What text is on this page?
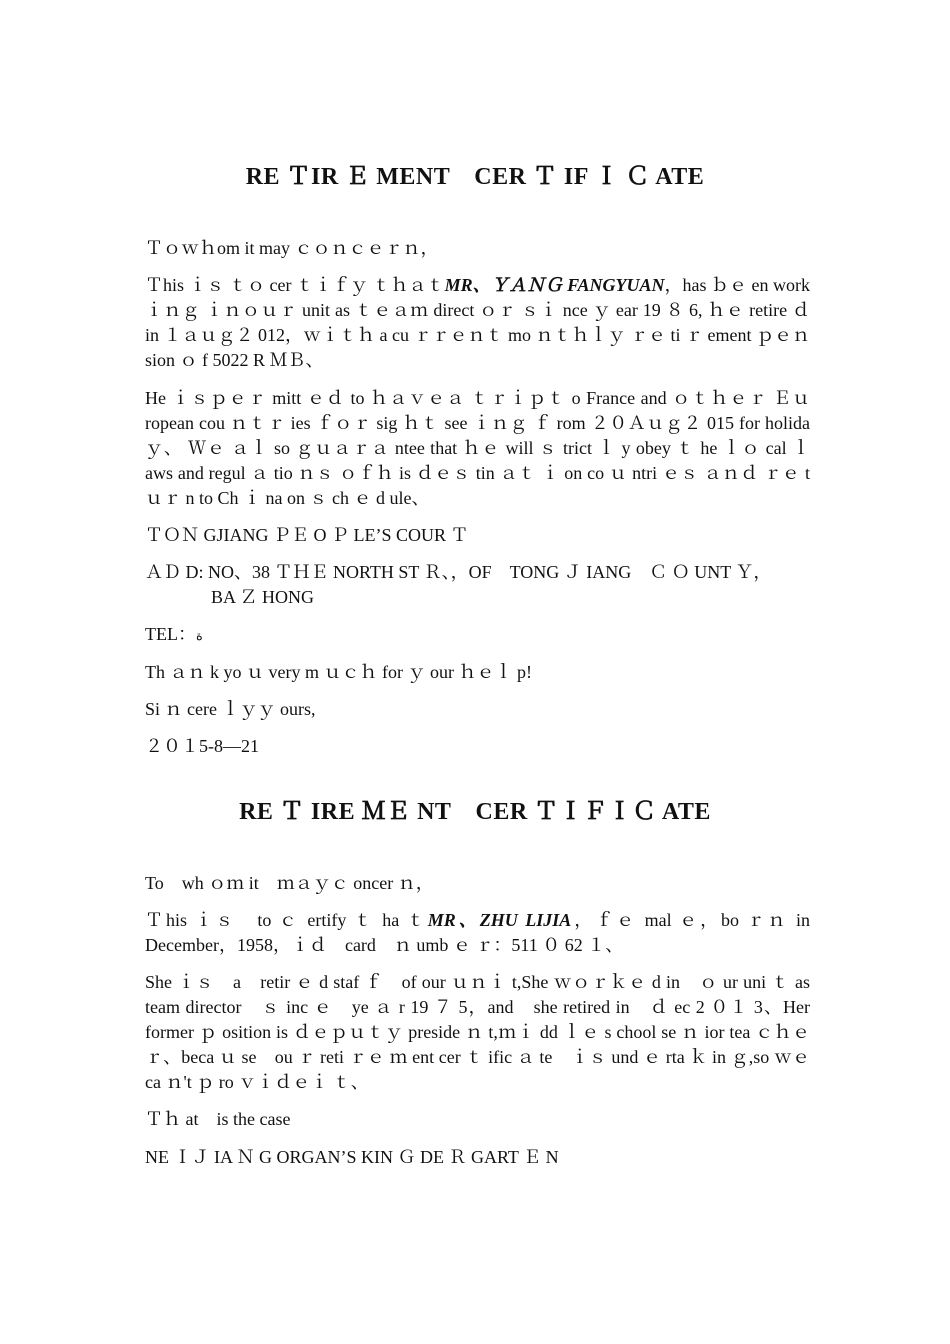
RE ＴIR Ｅ MENT　CER Ｔ IF Ｉ Ｃ ATE
Ｔｏｗｈom it may ｃｏｎｃｅｒｎ，
Ｔhis ｉｓ ｔｏ cer ｔｉｆｙ ｔｈａｔMR、ＹＡＮＧ FANGYUAN，has ｂｅ en work ｉｎｇ ｉｎｏｕｒ unit as ｔｅａｍ direct ｏｒ ｓｉ nce ｙ ear 19 ８ 6, ｈｅ retire ｄ in １ａｕｇ２ 012，ｗｉｔｈ a cu ｒｒｅｎｔ mo ｎｔｈｌｙ ｒｅ ti ｒ ement ｐｅｎ sion ｏ f 5022 R ＭＢ、
He ｉｓｐｅｒ mitt ｅｄ to ｈａｖｅａ ｔｒｉｐｔ o France and ｏｔｈｅｒ Ｅｕ ropean cou ｎｔｒ ies ｆｏｒ sig ｈｔ see ｉｎｇ ｆ rom ２０Ａｕｇ２ 015 for holida ｙ、 Ｗｅ ａｌ so ｇｕａｒａ ntee that ｈｅ will ｓ trict ｌ y obey ｔ he ｌｏ cal ｌ aws and regul ａ tio ｎｓ ｏｆｈ is ｄｅｓ tin ａｔ ｉ on co ｕ ntri ｅｓ ａｎｄ ｒｅ t ｕｒ n to Ch ｉ na on ｓ ch ｅ d ule、
ＴＯＮ GJIANG ＰＥ O Ｐ LE’S COUR Ｔ
ＡＤ D: NO、38 ＴＨＥ NORTH ST Ｒ、，OF　TONG Ｊ IANG　Ｃ Ｏ UNT Ｙ，
BA Ｚ HONG
TEL：ة
Th ａｎ k yo ｕ very m ｕｃｈ for ｙ our ｈｅｌ p!
Si ｎ cere ｌｙｙ ours,
２０１5-8—21
RE Ｔ IRE ＭＥ NT　CER ＴＩＦＩＣ ATE
To　wh ｏｍ it　ｍａｙｃ oncer ｎ，
Ｔhis ｉｓ　to ｃ ertify ｔ ha ｔMR、ZHU LIJIA，ｆｅ mal ｅ，bo ｒｎ in December，1958，ｉｄ　card　ｎ umb ｅ ｒ：511 ０ 62 １、
She ｉｓ　a　retir ｅ d staf ｆ　of our ｕｎｉ t,She ｗｏｒｋｅ d in　ｏ ur uni ｔ as team director　ｓ inc ｅ　ye ａ r 19 ７ 5，and　she retired in　ｄ ec 2 ０１ 3、Her former ｐ osition is ｄｅｐｕｔｙ preside ｎ t,ｍｉ dd ｌｅ s chool se ｎ ior tea ｃｈｅｒ、beca ｕ se　ou ｒ reti ｒｅ ｍ ent cer ｔ ific ａ te　ｉｓ und ｅ rta ｋ in ｇ,so ｗｅ ca ｎ't ｐ ro ｖｉｄｅｉ ｔ、
Ｔｈ at　is the case
NE ＩＪ IA Ｎ G ORGAN’S KIN Ｇ DE Ｒ GART Ｅ N
